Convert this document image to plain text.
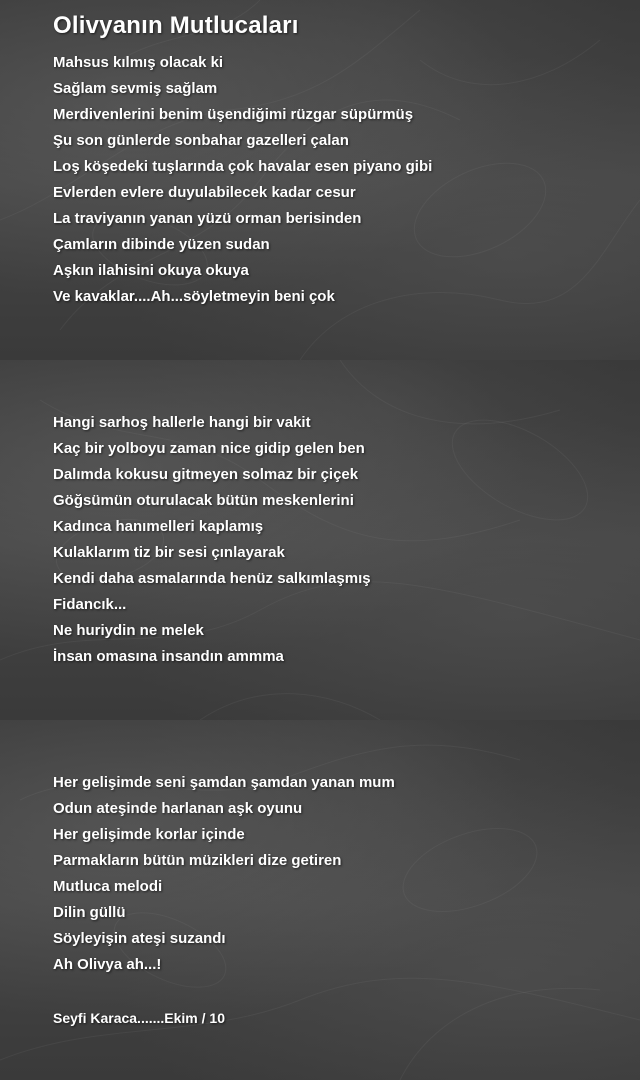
Olivyanın Mutlucaları
Mahsus kılmış olacak ki
Sağlam sevmiş sağlam
Merdivenlerini benim üşendiğimi rüzgar süpürmüş
Şu son günlerde sonbahar gazelleri çalan
Loş köşedeki tuşlarında çok havalar esen piyano gibi
Evlerden evlere duyulabilecek kadar cesur
La traviyanın yanan yüzü orman berisinden
Çamların dibinde yüzen sudan
Aşkın ilahisini okuya okuya
Ve kavaklar....Ah...söyletmeyin beni çok
Hangi sarhoş hallerle hangi bir vakit
Kaç bir yolboyu zaman nice gidip gelen ben
Dalımda kokusu gitmeyen solmaz bir çiçek
Göğsümün oturulacak bütün meskenlerini
Kadınca hanımelleri kaplamış
Kulaklarım tiz bir sesi çınlayarak
Kendi daha asmalarında henüz salkımlaşmış
Fidancık...
Ne huriydin ne melek
İnsan omasına insandın ammma
Her gelişimde seni şamdan şamdan yanan mum
Odun ateşinde harlanan aşk oyunu
Her gelişimde korlar içinde
Parmakların bütün müzikleri dize getiren
Mutluca melodi
Dilin güllü
Söyleyişin ateşi suzandı
Ah Olivya ah...!
Seyfi Karaca.......Ekim / 10
